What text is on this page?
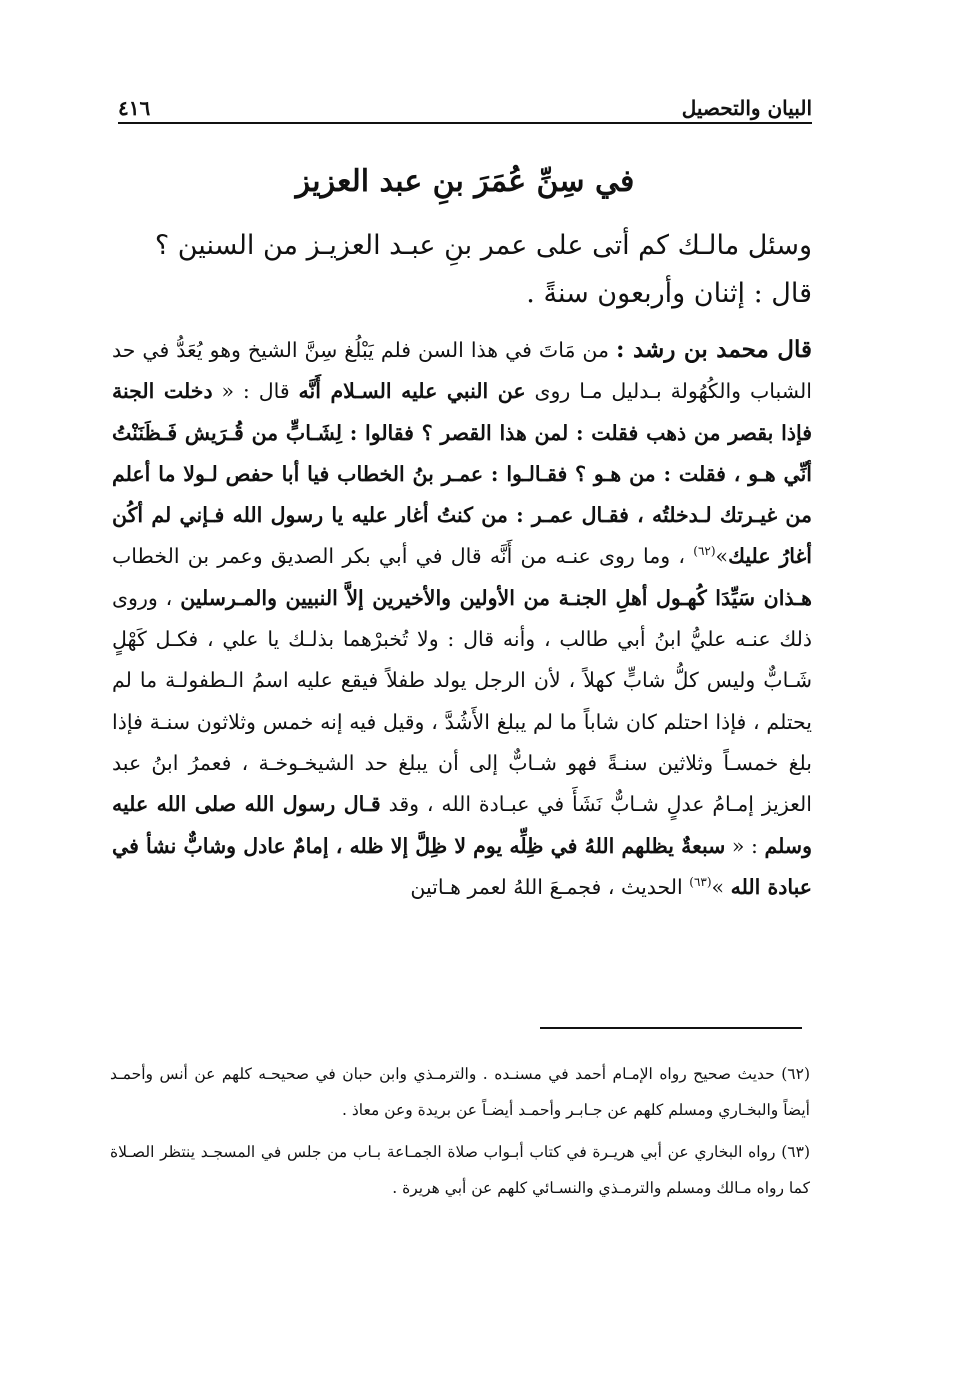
٤١٦	البيان والتحصيل
في سِنِّ عُمَرَ بنِ عبد العزيز
وسئل مالـك كم أتى على عمر بنِ عبـد العزيـز من السنين ؟
قال : إثنان وأربعون سنةً .

قال محمد بن رشد : من مَاتَ في هذا السن فلم يَبْلُغ سِنَّ الشيخ وهو يُعَدُّ في حد الشباب والكُهُولة بـدليل مـا روى عن النبي عليه السـلام أَنَّه قال : « دخلت الجنة فإذا بقصر من ذهب فقلت : لمن هذا القصر ؟ فقالوا : لِشَـابٍّ من قُـرَيش فَـظَنَنْتُ أنِّي هـو ، فقلت : من هـو ؟ فقـالـوا : عمـر بنُ الخطاب فيا أبا حفص لـولا ما أعلم من غيـرتك لـدخلتُه ، فقـال عمـر : من كنتُ أغار عليه يا رسول الله فـإني لم أكُن أغارُ عليك»$^{(٦٢)}$ ، وما روى عنـه من أَنَّه قال في أبي بكر الصديق وعمر بن الخطاب هـذان سَيِّدَا كُهـول أهلِ الجنـة من الأولين والأخيرين إلاَّ النبيين والمـرسلين ، وروى ذلك عنـه عليُّ ابنُ أبي طالب ، وأنه قال : ولا تُخبرْهما بذلـك يا علي ، فكـل كَهْلٍ شَـابٌّ وليس كلُّ شابٍّ كهلاً ، لأن الرجل يولد طفلاً فيقع عليه اسمُ الـطفولـة ما لم يحتلم ، فإذا احتلم كان شاباً ما لم يبلغ الأَشُدَّ ، وقيل فيه إنه خمس وثلاثون سنـة فإذا بلغ خمسـاً وثلاثين سنـةً فهو شـابٌّ إلى أن يبلغ حد الشيخـوخـة ، فعمرُ ابنُ عبد العزيز إمـامُ عدلٍ شـابٌّ نَشَأَ في عبـادة الله ، وقد قـال رسول الله صلى الله عليه وسلم : « سبعةٌ يظلهم اللهُ في ظِلِّه يوم لا ظِلَّ إلا ظله ، إمامٌ عادل وشابٌّ نشأ في عبادة الله »$^{(٦٣)}$ الحديث ، فجمـعَ اللهُ لعمر هـاتين

(٦٢) حديث صحيح رواه الإمـام أحمد في مسنـده . والترمـذي وابن حبان في صحيحـه كلهم عن أنس وأحمـد أيضاً والبخـاري ومسلم كلهم عن جـابـر وأحمـد أيضـاً عن بريدة وعن معاذ .

(٦٣) رواه البخاري عن أبي هريـرة في كتاب أبـواب صلاة الجمـاعة بـاب من جلس في المسجـد ينتظر الصـلاة كما رواه مـالك ومسلم والترمـذي والنسـائي كلهم عن أبي هريرة .
